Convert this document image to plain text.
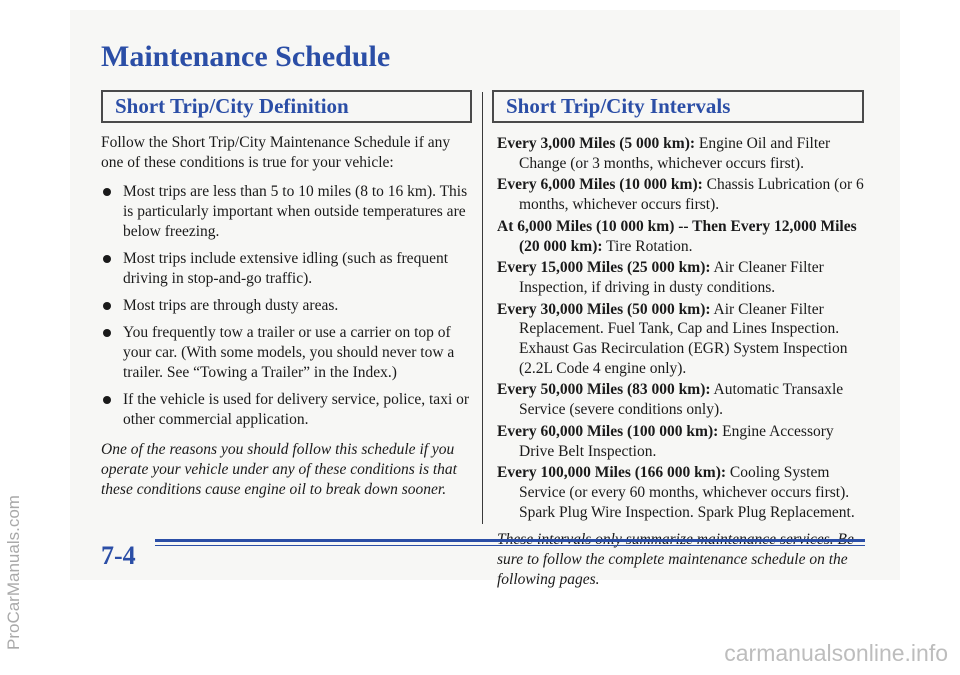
ProCarManuals.com
Maintenance Schedule
Short Trip/City Definition	Short Trip/City Intervals

Follow the Short Trip/City Maintenance Schedule if any one of these conditions is true for your vehicle:

Most trips are less than 5 to 10 miles (8 to 16 km). This is particularly important when outside temperatures are below freezing.
Most trips include extensive idling (such as frequent driving in stop-and-go traffic).
Most trips are through dusty areas.
You frequently tow a trailer or use a carrier on top of your car. (With some models, you should never tow a trailer. See “Towing a Trailer” in the Index.)
If the vehicle is used for delivery service, police, taxi or other commercial application.

One of the reasons you should follow this schedule if you operate your vehicle under any of these conditions is that these conditions cause engine oil to break down sooner.

Every 3,000 Miles (5 000 km): Engine Oil and Filter Change (or 3 months, whichever occurs first).

Every 6,000 Miles (10 000 km): Chassis Lubrication (or 6 months, whichever occurs first).

At 6,000 Miles (10 000 km) -- Then Every 12,000 Miles (20 000 km): Tire Rotation.

Every 15,000 Miles (25 000 km): Air Cleaner Filter Inspection, if driving in dusty conditions.

Every 30,000 Miles (50 000 km): Air Cleaner Filter Replacement. Fuel Tank, Cap and Lines Inspection. Exhaust Gas Recirculation (EGR) System Inspection (2.2L Code 4 engine only).

Every 50,000 Miles (83 000 km): Automatic Transaxle Service (severe conditions only).

Every 60,000 Miles (100 000 km): Engine Accessory Drive Belt Inspection.

Every 100,000 Miles (166 000 km): Cooling System Service (or every 60 months, whichever occurs first). Spark Plug Wire Inspection. Spark Plug Replacement.

sure to follow the complete maintenance schedule on the following pages.

7-4
carmanualsonline.info
